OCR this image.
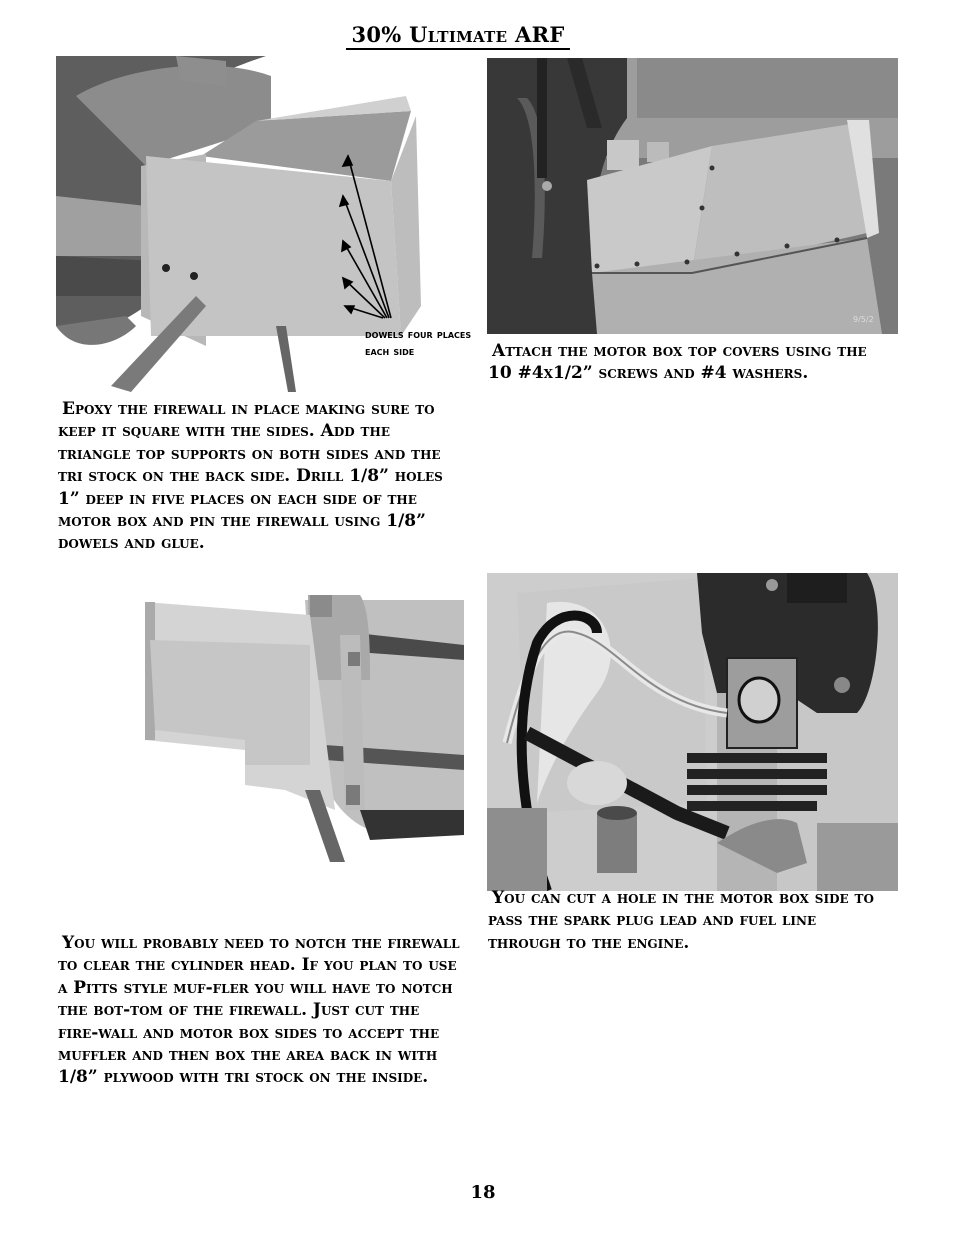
30% Ultimate ARF
dowels four places each side
9/5/2
Epoxy the firewall in place making sure to keep it square with the sides. Add the triangle top supports on both sides and the tri stock on the back side. Drill 1/8” holes 1” deep in five places on each side of the motor box and pin the firewall using 1/8” dowels and glue.
Attach the motor box top covers using the 10 #4x1/2” screws and #4 washers.
You will probably need to notch the firewall to clear the cylinder head. If you plan to use a Pitts style muf-fler you will have to notch the bot-tom of the firewall. Just cut the fire-wall and motor box sides to accept the muffler and then box the area back in with 1/8” plywood with tri stock on the inside.
You can cut a hole in the motor box side to pass the spark plug lead and fuel line through to the engine.
18
